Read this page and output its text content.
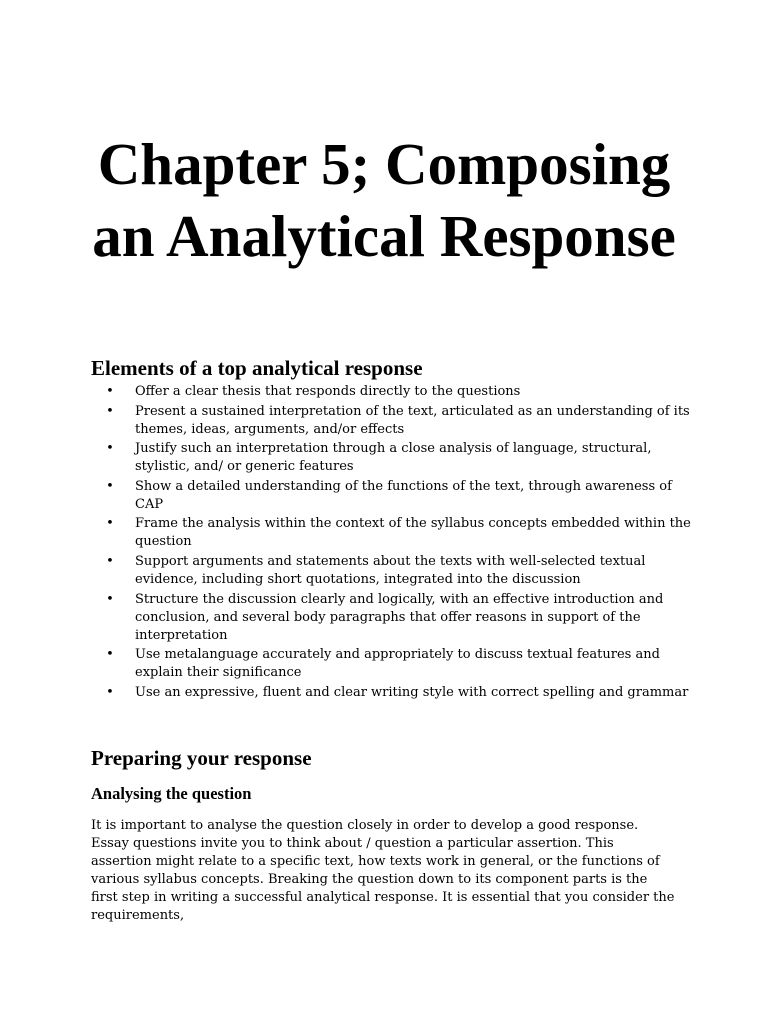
Chapter 5; Composing an Analytical Response
Elements of a top analytical response
• Offer a clear thesis that responds directly to the questions
• Present a sustained interpretation of the text, articulated as an understanding of its themes, ideas, arguments, and/or effects
• Justify such an interpretation through a close analysis of language, structural, stylistic, and/ or generic features
• Show a detailed understanding of the functions of the text, through awareness of CAP
• Frame the analysis within the context of the syllabus concepts embedded within the question
• Support arguments and statements about the texts with well-selected textual evidence, including short quotations, integrated into the discussion
• Structure the discussion clearly and logically, with an effective introduction and conclusion, and several body paragraphs that offer reasons in support of the interpretation
• Use metalanguage accurately and appropriately to discuss textual features and explain their significance
• Use an expressive, fluent and clear writing style with correct spelling and grammar
Preparing your response
Analysing the question

It is important to analyse the question closely in order to develop a good response. Essay questions invite you to think about / question a particular assertion. This assertion might relate to a specific text, how texts work in general, or the functions of various syllabus concepts. Breaking the question down to its component parts is the first step in writing a successful analytical response. It is essential that you consider the requirements,
